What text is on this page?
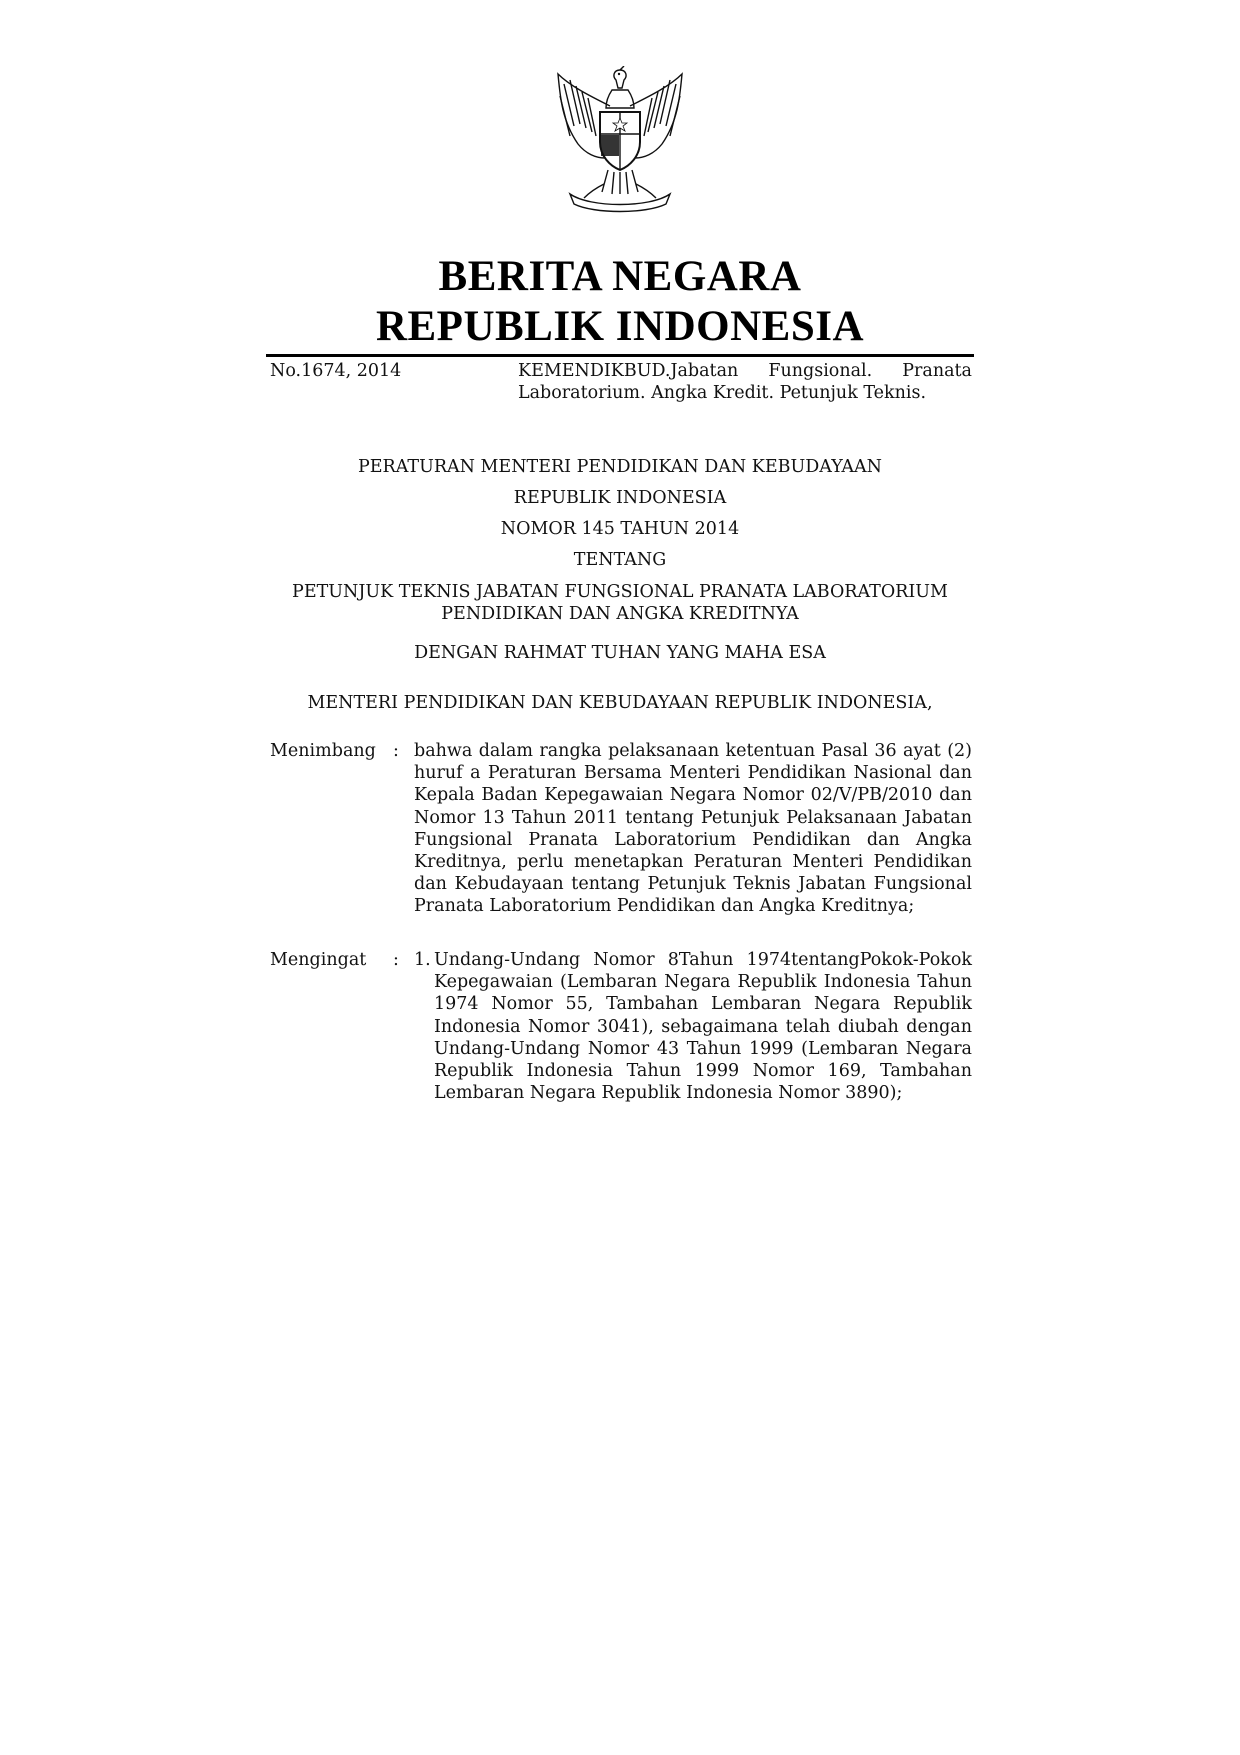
BERITA NEGARA
REPUBLIK INDONESIA
No.1674, 2014	KEMENDIKBUD.Jabatan Fungsional. Pranata Laboratorium. Angka Kredit. Petunjuk Teknis.
PERATURAN MENTERI PENDIDIKAN DAN KEBUDAYAAN
REPUBLIK INDONESIA
NOMOR 145 TAHUN 2014
TENTANG
PETUNJUK TEKNIS JABATAN FUNGSIONAL PRANATA LABORATORIUM
PENDIDIKAN DAN ANGKA KREDITNYA
DENGAN RAHMAT TUHAN YANG MAHA ESA
MENTERI PENDIDIKAN DAN KEBUDAYAAN REPUBLIK INDONESIA,
Menimbang : bahwa dalam rangka pelaksanaan ketentuan Pasal 36 ayat (2) huruf a Peraturan Bersama Menteri Pendidikan Nasional dan Kepala Badan Kepegawaian Negara Nomor 02/V/PB/2010 dan Nomor 13 Tahun 2011 tentang Petunjuk Pelaksanaan Jabatan Fungsional Pranata Laboratorium Pendidikan dan Angka Kreditnya, perlu menetapkan Peraturan Menteri Pendidikan dan Kebudayaan tentang Petunjuk Teknis Jabatan Fungsional Pranata Laboratorium Pendidikan dan Angka Kreditnya;
Mengingat : 1. Undang-Undang Nomor 8Tahun 1974tentangPokok-Pokok Kepegawaian (Lembaran Negara Republik Indonesia Tahun 1974 Nomor 55, Tambahan Lembaran Negara Republik Indonesia Nomor 3041), sebagaimana telah diubah dengan Undang-Undang Nomor 43 Tahun 1999 (Lembaran Negara Republik Indonesia Tahun 1999 Nomor 169, Tambahan Lembaran Negara Republik Indonesia Nomor 3890);
